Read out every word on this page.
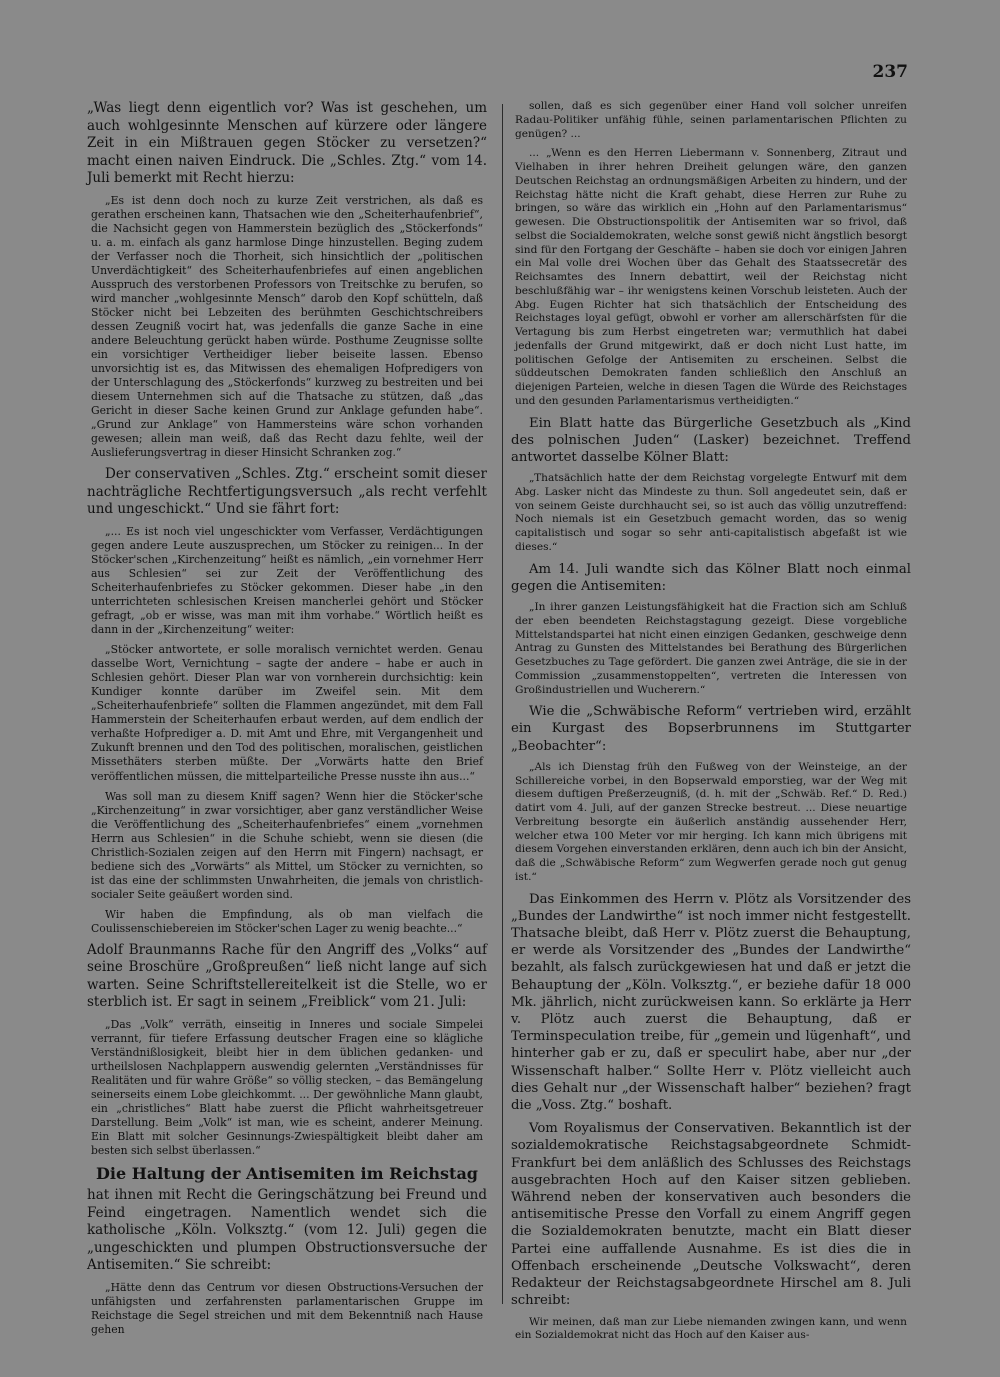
237

„Was liegt denn eigentlich vor? Was ist geschehen, um auch wohlgesinnte Menschen auf kürzere oder längere Zeit in ein Mißtrauen gegen Stöcker zu versetzen?“ macht einen naiven Eindruck. Die „Schles. Ztg.“ vom 14. Juli bemerkt mit Recht hierzu:

„Es ist denn doch noch zu kurze Zeit verstrichen, als daß es gerathen erscheinen kann, Thatsachen wie den „Scheiterhaufenbrief“, die Nachsicht gegen von Hammerstein bezüglich des „Stöckerfonds“ u. a. m. einfach als ganz harmlose Dinge hinzustellen. Beging zudem der Verfasser noch die Thorheit, sich hinsichtlich der „politischen Unverdächtigkeit“ des Scheiterhaufenbriefes auf einen angeblichen Ausspruch des verstorbenen Professors von Treitschke zu berufen, so wird mancher „wohlgesinnte Mensch“ darob den Kopf schütteln, daß Stöcker nicht bei Lebzeiten des berühmten Geschichtschreibers dessen Zeugniß vocirt hat, was jedenfalls die ganze Sache in eine andere Beleuchtung gerückt haben würde. Posthume Zeugnisse sollte ein vorsichtiger Vertheidiger lieber beiseite lassen. Ebenso unvorsichtig ist es, das Mitwissen des ehemaligen Hofpredigers von der Unterschlagung des „Stöckerfonds“ kurzweg zu bestreiten und bei diesem Unternehmen sich auf die Thatsache zu stützen, daß „das Gericht in dieser Sache keinen Grund zur Anklage gefunden habe“. „Grund zur Anklage“ von Hammersteins wäre schon vorhanden gewesen; allein man weiß, daß das Recht dazu fehlte, weil der Auslieferungsvertrag in dieser Hinsicht Schranken zog.“

Der conservativen „Schles. Ztg.“ erscheint somit dieser nachträgliche Rechtfertigungsversuch „als recht verfehlt und ungeschickt.“ Und sie fährt fort:

„... Es ist noch viel ungeschickter vom Verfasser, Verdächtigungen gegen andere Leute auszusprechen, um Stöcker zu reinigen... In der Stöcker'schen „Kirchenzeitung“ heißt es nämlich, „ein vornehmer Herr aus Schlesien“ sei zur Zeit der Veröffentlichung des Scheiterhaufenbriefes zu Stöcker gekommen. Dieser habe „in den unterrichteten schlesischen Kreisen mancherlei gehört und Stöcker gefragt, „ob er wisse, was man mit ihm vorhabe.“ Wörtlich heißt es dann in der „Kirchenzeitung“ weiter:

„Stöcker antwortete, er solle moralisch vernichtet werden. Genau dasselbe Wort, Vernichtung – sagte der andere – habe er auch in Schlesien gehört. Dieser Plan war von vornherein durchsichtig: kein Kundiger konnte darüber im Zweifel sein. Mit dem „Scheiterhaufenbriefe“ sollten die Flammen angezündet, mit dem Fall Hammerstein der Scheiterhaufen erbaut werden, auf dem endlich der verhaßte Hofprediger a. D. mit Amt und Ehre, mit Vergangenheit und Zukunft brennen und den Tod des politischen, moralischen, geistlichen Missethäters sterben müßte. Der „Vorwärts hatte den Brief veröffentlichen müssen, die mittelparteiliche Presse nusste ihn aus...“

Was soll man zu diesem Kniff sagen? Wenn hier die Stöcker'sche „Kirchenzeitung“ in zwar vorsichtiger, aber ganz verständlicher Weise die Veröffentlichung des „Scheiterhaufenbriefes“ einem „vornehmen Herrn aus Schlesien“ in die Schuhe schiebt, wenn sie diesen (die Christlich-Sozialen zeigen auf den Herrn mit Fingern) nachsagt, er bediene sich des „Vorwärts“ als Mittel, um Stöcker zu vernichten, so ist das eine der schlimmsten Unwahrheiten, die jemals von christlich-socialer Seite geäußert worden sind.

Wir haben die Empfindung, als ob man vielfach die Coulissenschiebereien im Stöcker'schen Lager zu wenig beachte...“

Adolf Braunmanns Rache für den Angriff des „Volks“ auf seine Broschüre „Großpreußen“ ließ nicht lange auf sich warten. Seine Schriftstellereitelkeit ist die Stelle, wo er sterblich ist. Er sagt in seinem „Freiblick“ vom 21. Juli:

„Das „Volk“ verräth, einseitig in Inneres und sociale Simpelei verrannt, für tiefere Erfassung deutscher Fragen eine so klägliche Verständnißlosigkeit, bleibt hier in dem üblichen gedanken- und urtheilslosen Nachplappern auswendig gelernten „Verständnisses für Realitäten und für wahre Größe“ so völlig stecken, – das Bemängelung seinerseits einem Lobe gleichkommt. ... Der gewöhnliche Mann glaubt, ein „christliches“ Blatt habe zuerst die Pflicht wahrheitsgetreuer Darstellung. Beim „Volk“ ist man, wie es scheint, anderer Meinung. Ein Blatt mit solcher Gesinnungs-Zwiespältigkeit bleibt daher am besten sich selbst überlassen.“

Die Haltung der Antisemiten im Reichstag

hat ihnen mit Recht die Geringschätzung bei Freund und Feind eingetragen. Namentlich wendet sich die katholische „Köln. Volksztg.“ (vom 12. Juli) gegen die „ungeschickten und plumpen Obstructionsversuche der Antisemiten.“ Sie schreibt:

„Hätte denn das Centrum vor diesen Obstructions-Versuchen der unfähigsten und zerfahrensten parlamentarischen Gruppe im Reichstage die Segel streichen und mit dem Bekenntniß nach Hause gehen

sollen, daß es sich gegenüber einer Hand voll solcher unreifen Radau-Politiker unfähig fühle, seinen parlamentarischen Pflichten zu genügen? ...

... „Wenn es den Herren Liebermann v. Sonnenberg, Zitraut und Vielhaben in ihrer hehren Dreiheit gelungen wäre, den ganzen Deutschen Reichstag an ordnungsmäßigen Arbeiten zu hindern, und der Reichstag hätte nicht die Kraft gehabt, diese Herren zur Ruhe zu bringen, so wäre das wirklich ein „Hohn auf den Parlamentarismus“ gewesen. Die Obstructionspolitik der Antisemiten war so frivol, daß selbst die Socialdemokraten, welche sonst gewiß nicht ängstlich besorgt sind für den Fortgang der Geschäfte – haben sie doch vor einigen Jahren ein Mal volle drei Wochen über das Gehalt des Staatssecretär des Reichsamtes des Innern debattirt, weil der Reichstag nicht beschlußfähig war – ihr wenigstens keinen Vorschub leisteten. Auch der Abg. Eugen Richter hat sich thatsächlich der Entscheidung des Reichstages loyal gefügt, obwohl er vorher am allerschärfsten für die Vertagung bis zum Herbst eingetreten war; vermuthlich hat dabei jedenfalls der Grund mitgewirkt, daß er doch nicht Lust hatte, im politischen Gefolge der Antisemiten zu erscheinen. Selbst die süddeutschen Demokraten fanden schließlich den Anschluß an diejenigen Parteien, welche in diesen Tagen die Würde des Reichstages und den gesunden Parlamentarismus vertheidigten.“

Ein Blatt hatte das Bürgerliche Gesetzbuch als „Kind des polnischen Juden“ (Lasker) bezeichnet. Treffend antwortet dasselbe Kölner Blatt:

„Thatsächlich hatte der dem Reichstag vorgelegte Entwurf mit dem Abg. Lasker nicht das Mindeste zu thun. Soll angedeutet sein, daß er von seinem Geiste durchhaucht sei, so ist auch das völlig unzutreffend: Noch niemals ist ein Gesetzbuch gemacht worden, das so wenig capitalistisch und sogar so sehr anti-capitalistisch abgefaßt ist wie dieses.“

Am 14. Juli wandte sich das Kölner Blatt noch einmal gegen die Antisemiten:

„In ihrer ganzen Leistungsfähigkeit hat die Fraction sich am Schluß der eben beendeten Reichstagstagung gezeigt. Diese vorgebliche Mittelstandspartei hat nicht einen einzigen Gedanken, geschweige denn Antrag zu Gunsten des Mittelstandes bei Berathung des Bürgerlichen Gesetzbuches zu Tage gefördert. Die ganzen zwei Anträge, die sie in der Commission „zusammenstoppelten“, vertreten die Interessen von Großindustriellen und Wucherern.“

Wie die „Schwäbische Reform“ vertrieben wird, erzählt ein Kurgast des Bopserbrunnens im Stuttgarter „Beobachter“:

„Als ich Dienstag früh den Fußweg von der Weinsteige, an der Schillereiche vorbei, in den Bopserwald emporstieg, war der Weg mit diesem duftigen Preßerzeugniß, (d. h. mit der „Schwäb. Ref.“ D. Red.) datirt vom 4. Juli, auf der ganzen Strecke bestreut. ... Diese neuartige Verbreitung besorgte ein äußerlich anständig aussehender Herr, welcher etwa 100 Meter vor mir herging. Ich kann mich übrigens mit diesem Vorgehen einverstanden erklären, denn auch ich bin der Ansicht, daß die „Schwäbische Reform“ zum Wegwerfen gerade noch gut genug ist.“

Das Einkommen des Herrn v. Plötz als Vorsitzender des „Bundes der Landwirthe“ ist noch immer nicht festgestellt. Thatsache bleibt, daß Herr v. Plötz zuerst die Behauptung, er werde als Vorsitzender des „Bundes der Landwirthe“ bezahlt, als falsch zurückgewiesen hat und daß er jetzt die Behauptung der „Köln. Volksztg.“, er beziehe dafür 18 000 Mk. jährlich, nicht zurückweisen kann. So erklärte ja Herr v. Plötz auch zuerst die Behauptung, daß er Terminspeculation treibe, für „gemein und lügenhaft“, und hinterher gab er zu, daß er speculirt habe, aber nur „der Wissenschaft halber.“ Sollte Herr v. Plötz vielleicht auch dies Gehalt nur „der Wissenschaft halber“ beziehen? fragt die „Voss. Ztg.“ boshaft.

Vom Royalismus der Conservativen. Bekanntlich ist der sozialdemokratische Reichstagsabgeordnete Schmidt-Frankfurt bei dem anläßlich des Schlusses des Reichstags ausgebrachten Hoch auf den Kaiser sitzen geblieben. Während neben der konservativen auch besonders die antisemitische Presse den Vorfall zu einem Angriff gegen die Sozialdemokraten benutzte, macht ein Blatt dieser Partei eine auffallende Ausnahme. Es ist dies die in Offenbach erscheinende „Deutsche Volkswacht“, deren Redakteur der Reichstagsabgeordnete Hirschel am 8. Juli schreibt:

Wir meinen, daß man zur Liebe niemanden zwingen kann, und wenn ein Sozialdemokrat nicht das Hoch auf den Kaiser aus-
